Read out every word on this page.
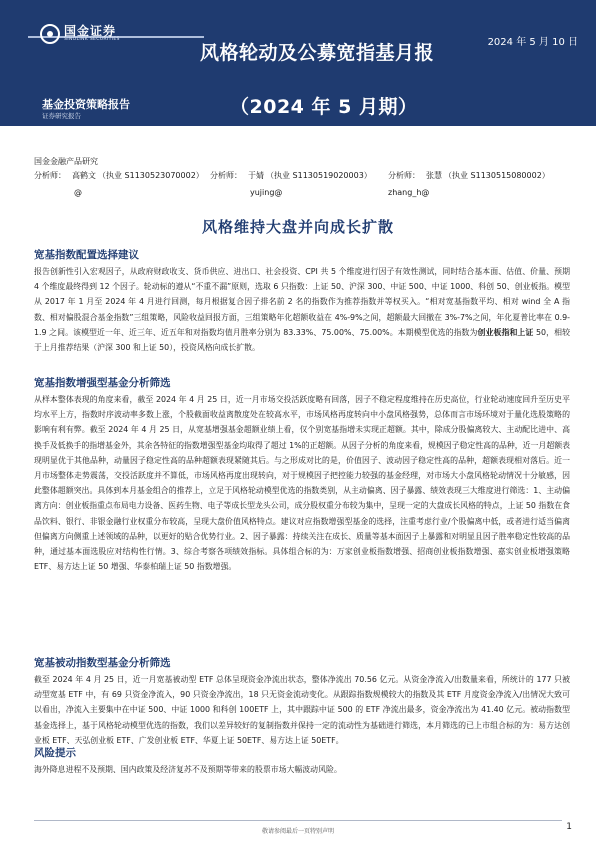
国金证券
SINOLINK SECURITIES	2024 年 5 月 10 日
风格轮动及公募宽指基月报
（2024 年 5 月期）
基金投资策略报告
证券研究报告
国金金融产品研究
分析师： 高鹤文 （执业 S1130523070002） 分析师： 于婧 （执业 S1130519020003） 分析师： 张慧 （执业 S1130515080002）
@	yujing@	zhang_h@
风格维持大盘并向成长扩散
宽基指数配置选择建议

报告创新性引入宏观因子，从政府财政收支、货币供应、进出口、社会投资、CPI 共 5 个维度进行因子有效性测试，同时结合基本面、估值、价量、预期 4 个维度最终得到 12 个因子。轮动标的遵从“不重不漏”原则，选取 6 只指数：上证 50、沪深 300、中证 500、中证 1000、科创 50、创业板指。模型从 2017 年 1 月至 2024 年 4 月进行回测，每月根据复合因子排名前 2 名的指数作为推荐指数并等权买入。“相对宽基指数平均、相对 wind 全 A 指数、相对偏股混合基金指数”三组策略，风险收益回报方面，三组策略年化超额收益在 4%-9%之间，超额最大回撤在 3%-7%之间，年化夏普比率在 0.9-1.9 之间。该模型近一年、近三年、近五年和对指数均值月胜率分别为 83.33%、75.00%、75.00%。本期模型优选的指数为创业板指和上证 50，相较于上月推荐结果（沪深 300 和上证 50），投资风格向成长扩散。

宽基指数增强型基金分析筛选

从样本整体表现的角度来看，截至 2024 年 4 月 25 日，近一月市场交投活跃度略有回落，因子不稳定程度维持在历史高位，行业轮动速度回升至历史平均水平上方，指数时序波动率多数上涨，个股截面收益离散度处在较高水平，市场风格再度转向中小盘风格强势，总体而言市场环境对于量化选股策略的影响有利有弊。截至 2024 年 4 月 25 日，从宽基增强基金超额业绩上看，仅个别宽基指增未实现正超额。其中，除成分股偏离较大、主动配比进中、高换手及低换手的指增基金外，其余各特征的指数增强型基金均取得了超过 1%的正超额。从因子分析的角度来看，规模因子稳定性高的品种，近一月超额表现明显优于其他品种，动量因子稳定性高的品种超额表现紧随其后。与之形成对比的是，价值因子、波动因子稳定性高的品种，超额表现相对落后。近一月市场整体走势震荡，交投活跃度并不算低，市场风格再度出现转向，对于规模因子把控能力较强的基金经理，对市场大小盘风格轮动情况十分敏感，因此整体超额突出。具体到本月基金组合的推荐上，立足于风格轮动模型优选的指数类别，从主动偏离、因子暴露、绩效表现三大维度进行筛选：1、主动偏离方向：创业板指重点布局电力设备、医药生物、电子等成长型龙头公司，成分股权重分布较为集中，呈现一定的大盘成长风格的特点，上证 50 指数在食品饮料、银行、非银金融行业权重分布较高，呈现大盘价值风格特点。建议对应指数增强型基金的选择，注重考虑行业/个股偏离中低，或者进行适当偏离但偏离方向侧重上述领域的品种，以更好的贴合优势行业。2、因子暴露：持续关注在成长、质量等基本面因子上暴露和对明显且因子胜率稳定性较高的品种，通过基本面选股应对结构性行情。3、综合考察各项绩效指标。具体组合标的为：万家创业板指数增强、招商创业板指数增强、嘉实创业板增强策略 ETF、易方达上证 50 增强、华泰柏瑞上证 50 指数增强。

宽基被动指数型基金分析筛选

截至 2024 年 4 月 25 日，近一月宽基被动型 ETF 总体呈现资金净流出状态，整体净流出 70.56 亿元。从资金净流入/出数量来看，所统计的 177 只被动型宽基 ETF 中，有 69 只资金净流入，90 只资金净流出，18 只无资金流动变化。从跟踪指数规模较大的指数及其 ETF 月度资金净流入/出情况大致可以看出，净流入主要集中在中证 500、中证 1000 和科创 100ETF 上，其中跟踪中证 500 的 ETF 净流出最多，资金净流出为 41.40 亿元。被动指数型基金选择上，基于风格轮动模型优选的指数，我们以差异较好的复制指数并保持一定的流动性为基础进行筛选，本月筛选的已上市组合标的为：易方达创业板 ETF、天弘创业板 ETF、广发创业板 ETF、华夏上证 50ETF、易方达上证 50ETF。

风险提示

海外降息进程不及预期、国内政策及经济复苏不及预期等带来的股票市场大幅波动风险。

敬请参阅最后一页特别声明	1
